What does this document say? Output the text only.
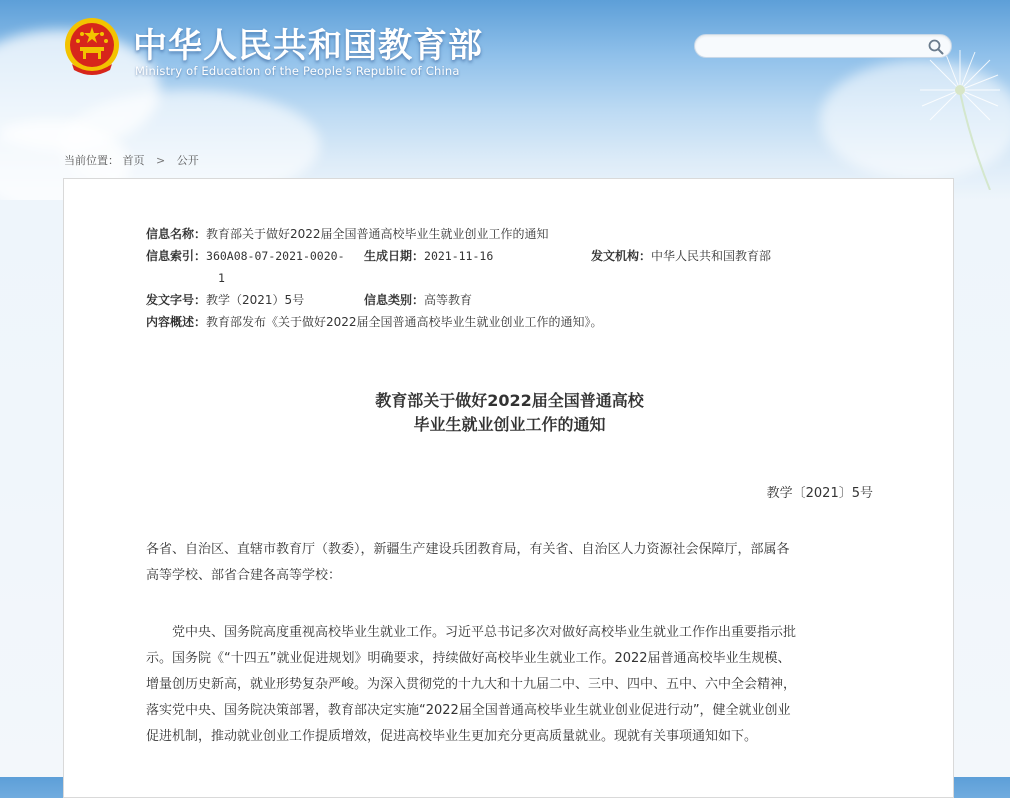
中华人民共和国教育部
Ministry of Education of the People's Republic of China
当前位置： 首页 > 公开
信息名称：教育部关于做好2022届全国普通高校毕业生就业创业工作的通知
信息索引：360A08-07-2021-0020- 生成日期：2021-11-16	发文机构：中华人民共和国教育部
1
发文字号：教学（2021）5号	信息类别：高等教育
内容概述：教育部发布《关于做好2022届全国普通高校毕业生就业创业工作的通知》。
教育部关于做好2022届全国普通高校
毕业生就业创业工作的通知
教学〔2021〕5号
各省、自治区、直辖市教育厅（教委），新疆生产建设兵团教育局，有关省、自治区人力资源社会保障厅，部属各
高等学校、部省合建各高等学校：
　　党中央、国务院高度重视高校毕业生就业工作。习近平总书记多次对做好高校毕业生就业工作作出重要指示批
示。国务院《“十四五”就业促进规划》明确要求，持续做好高校毕业生就业工作。2022届普通高校毕业生规模、
增量创历史新高，就业形势复杂严峻。为深入贯彻党的十九大和十九届二中、三中、四中、五中、六中全会精神，
落实党中央、国务院决策部署，教育部决定实施“2022届全国普通高校毕业生就业创业促进行动”，健全就业创业
促进机制，推动就业创业工作提质增效，促进高校毕业生更加充分更高质量就业。现就有关事项通知如下。
